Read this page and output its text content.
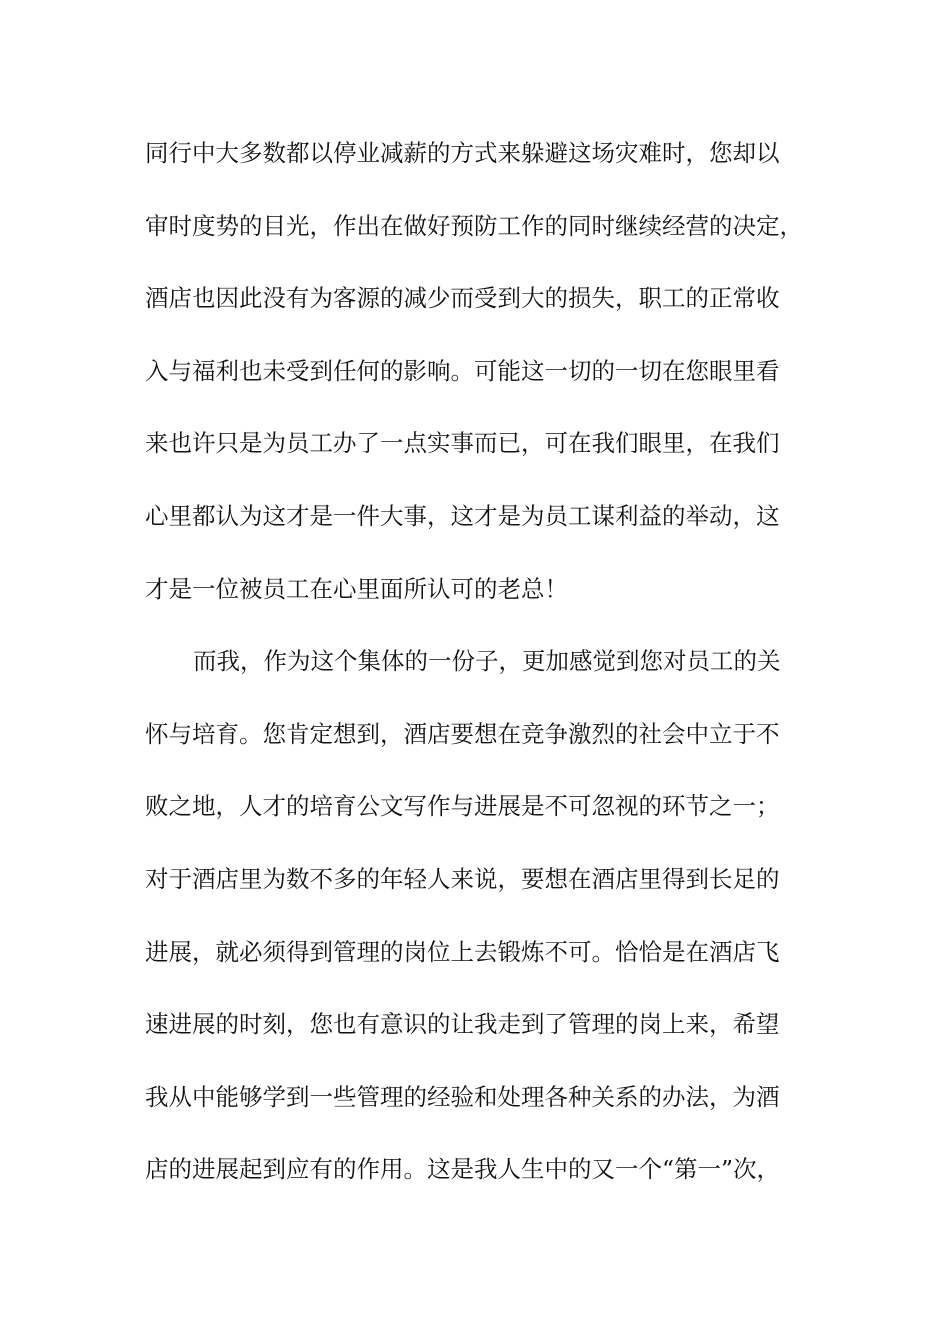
同行中大多数都以停业减薪的方式来躲避这场灾难时，您却以
审时度势的目光，作出在做好预防工作的同时继续经营的决定，
酒店也因此没有为客源的减少而受到大的损失，职工的正常收
入与福利也未受到任何的影响。可能这一切的一切在您眼里看
来也许只是为员工办了一点实事而已，可在我们眼里，在我们
心里都认为这才是一件大事，这才是为员工谋利益的举动，这
才是一位被员工在心里面所认可的老总！
而我，作为这个集体的一份子，更加感觉到您对员工的关
怀与培育。您肯定想到，酒店要想在竞争激烈的社会中立于不
败之地，人才的培育公文写作与进展是不可忽视的环节之一；
对于酒店里为数不多的年轻人来说，要想在酒店里得到长足的
进展，就必须得到管理的岗位上去锻炼不可。恰恰是在酒店飞
速进展的时刻，您也有意识的让我走到了管理的岗上来，希望
我从中能够学到一些管理的经验和处理各种关系的办法，为酒
店的进展起到应有的作用。这是我人生中的又一个“第一”次，
